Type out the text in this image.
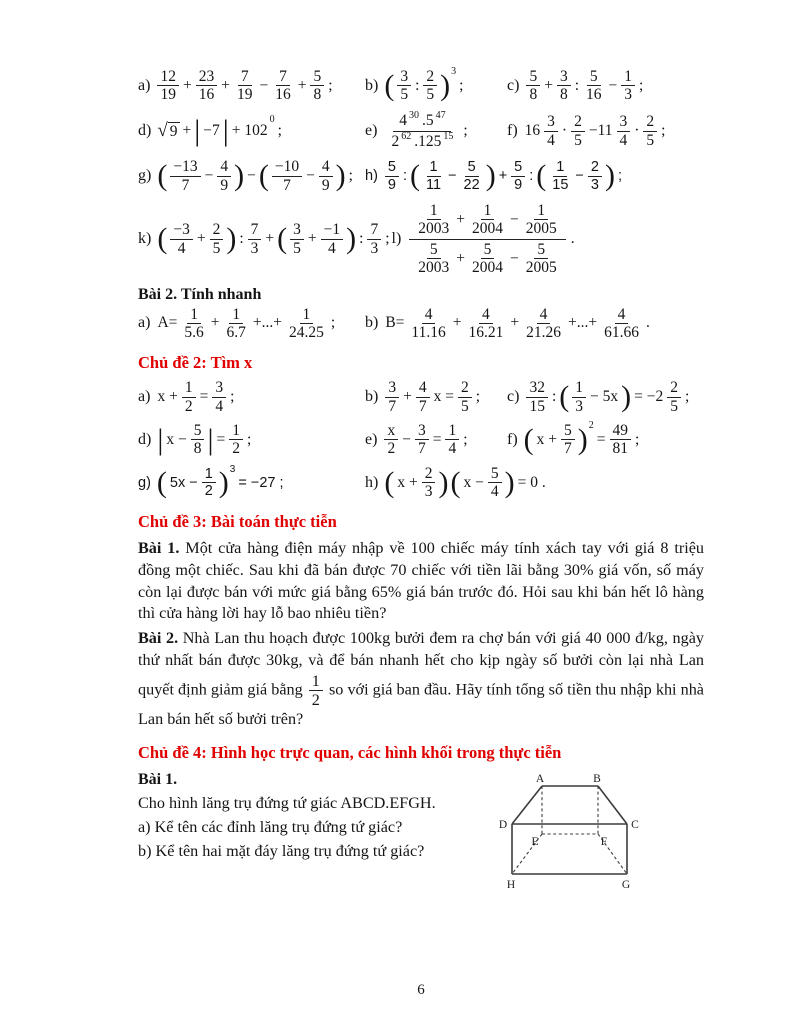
$a) \frac{12}{19} + \frac{23}{16} + \frac{7}{19} - \frac{7}{16} + \frac{5}{8}$ ; b) ( $\frac{3}{5}$ : $\frac{2}{5} )^3$
;	$c) \frac{5}{8} + \frac{3}{8}$ : $\frac{5}{16} - \frac{1}{3}$ ;
d) √ 9 + | −7 | + 102
$^0$
;	e)
$4^{30}$ $.5^{47}$
$2^{62}$ .125$^{15}$ ; f) $16 \frac{3}{4} \cdot \frac{2}{5} -11 \frac{3}{4} \cdot \frac{2}{5}$ ;
g) ( $\frac{-13}{7} - \frac{4}{9}$ ) − ( $\frac{-10}{7} - \frac{4}{9}$ ) ; $h) \frac{5}{9}$ : ( $\frac{1}{11} - \frac{5}{22}$ ) + $\frac{5}{9}$ : ( $\frac{1}{15} - \frac{2}{3}$ ) ;
k) ( $\frac{-3}{4} + \frac{2}{5}$ ) : $\frac{7}{3}$ + ( $\frac{3}{5} + \frac{-1}{4}$ ) : $\frac{7}{3}$ ; l)
$\frac{1}{2003} + \frac{1}{2004} - \frac{1}{2005}$
$\frac{5}{2003} + \frac{5}{2004} - \frac{5}{2005}$
.
Bài 2. Tính nhanh
a) $A= \frac{1}{5.6} + \frac{1}{6.7}$ +...+ $\frac{1}{24.25}$ ; b) $B= \frac{4}{11.16} + \frac{4}{16.21} + \frac{4}{21.26}$ +...+ $\frac{4}{61.66}$ .
Chủ đề 2: Tìm x
a) $x + \frac{1}{2} = \frac{3}{4}$ ;	$b) \frac{3}{7} + \frac{4}{7}$ $x = \frac{2}{5}$ ; $c) \frac{32}{15}$ : ( $\frac{1}{3} - 5x$ ) = $-2 \frac{2}{5}$ ;
d) | $x - \frac{5}{8}$ | = $\frac{1}{2}$ ;	$e) \frac{x}{2} - \frac{3}{7} = \frac{1}{4}$ ; f) ( $x + \frac{5}{7} )^2$
= $\frac{49}{81}$ ;
g) ( $5x - \frac{1}{2} )^3$
= −27 ;	h) ( $x + \frac{2}{3}$ ) ( $x - \frac{5}{4}$ ) = 0 .
Chủ đề 3: Bài toán thực tiễn

Bài 1. Một cửa hàng điện máy nhập về 100 chiếc máy tính xách tay với giá 8 triệu đồng một chiếc. Sau khi đã bán được 70 chiếc với tiền lãi bằng 30% giá vốn, số máy còn lại được bán với mức giá bằng 65% giá bán trước đó. Hỏi sau khi bán hết lô hàng thì cửa hàng lời hay lỗ bao nhiêu tiền?

Bài 2. Nhà Lan thu hoạch được 100kg bưởi đem ra chợ bán với giá 40 000 đ/kg, ngày thứ nhất bán được 30kg, và để bán nhanh hết cho kịp ngày số bưởi còn lại nhà Lan quyết định giảm giá bằng $\frac{1}{2}$ so với giá ban đầu. Hãy tính tổng số tiền thu nhập khi nhà Lan bán hết số bưởi trên?

Chủ đề 4: Hình học trực quan, các hình khối trong thực tiễn
Bài 1.
Cho hình lăng trụ đứng tứ giác ABCD.EFGH.
a) Kể tên các đỉnh lăng trụ đứng tứ giác?
b) Kể tên hai mặt đáy lăng trụ đứng tứ giác?
A	B
C
D
E	F
G
H
6
